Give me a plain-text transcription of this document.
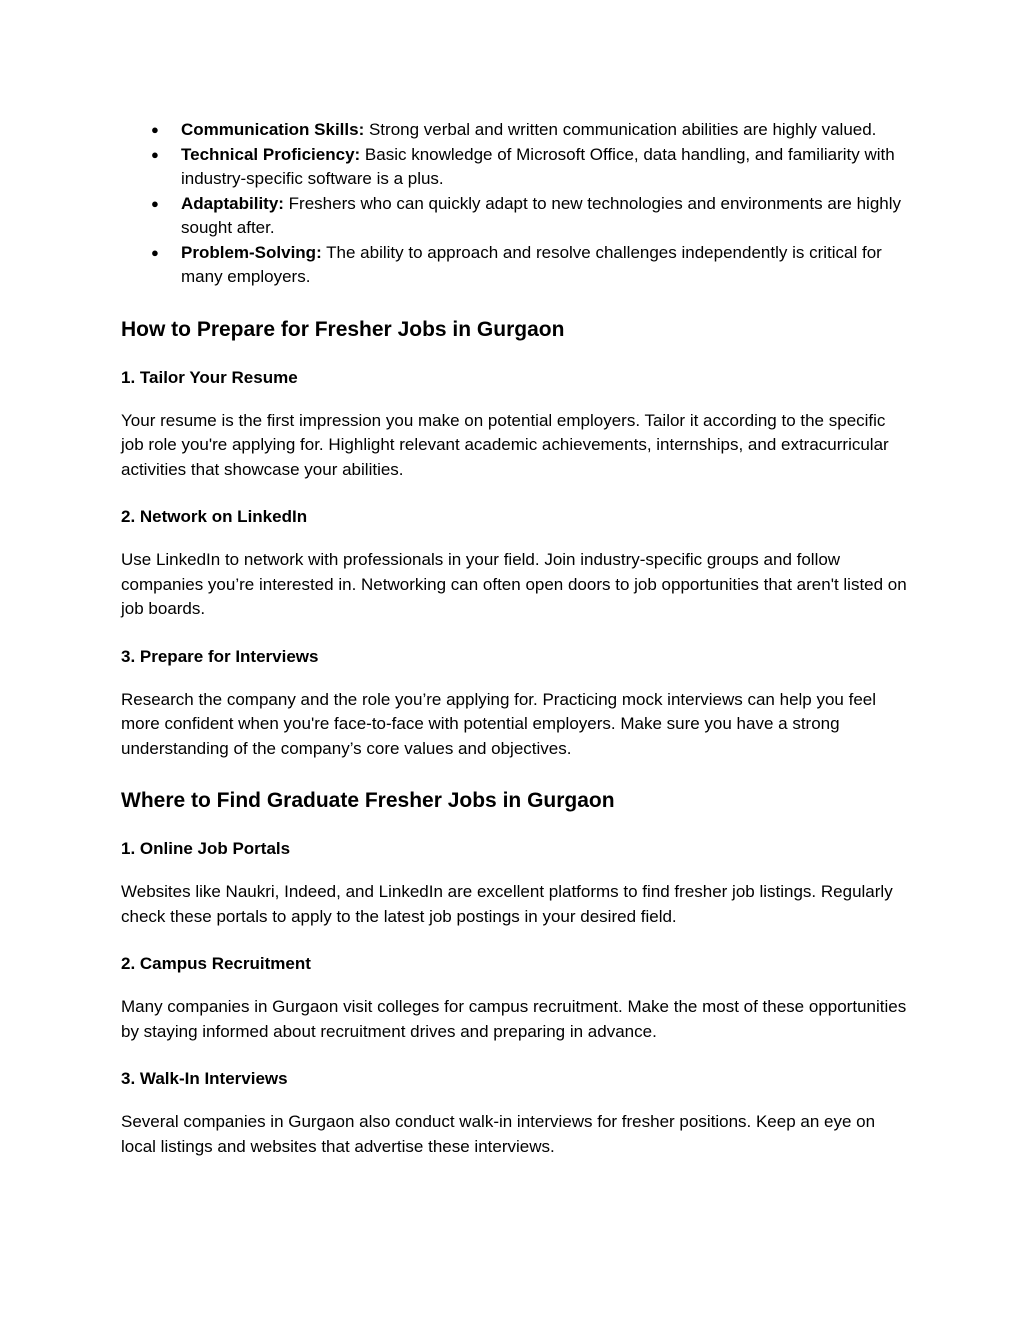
● Communication Skills: Strong verbal and written communication abilities are highly valued.
● Technical Proficiency: Basic knowledge of Microsoft Office, data handling, and familiarity with industry-specific software is a plus.
● Adaptability: Freshers who can quickly adapt to new technologies and environments are highly sought after.
● Problem-Solving: The ability to approach and resolve challenges independently is critical for many employers.
How to Prepare for Fresher Jobs in Gurgaon
1. Tailor Your Resume

Your resume is the first impression you make on potential employers. Tailor it according to the specific job role you're applying for. Highlight relevant academic achievements, internships, and extracurricular activities that showcase your abilities.

2. Network on LinkedIn

Use LinkedIn to network with professionals in your field. Join industry-specific groups and follow companies you’re interested in. Networking can often open doors to job opportunities that aren't listed on job boards.

3. Prepare for Interviews

Research the company and the role you’re applying for. Practicing mock interviews can help you feel more confident when you're face-to-face with potential employers. Make sure you have a strong understanding of the company’s core values and objectives.

Where to Find Graduate Fresher Jobs in Gurgaon
1. Online Job Portals

Websites like Naukri, Indeed, and LinkedIn are excellent platforms to find fresher job listings. Regularly check these portals to apply to the latest job postings in your desired field.

2. Campus Recruitment

Many companies in Gurgaon visit colleges for campus recruitment. Make the most of these opportunities by staying informed about recruitment drives and preparing in advance.

3. Walk-In Interviews

Several companies in Gurgaon also conduct walk-in interviews for fresher positions. Keep an eye on local listings and websites that advertise these interviews.
